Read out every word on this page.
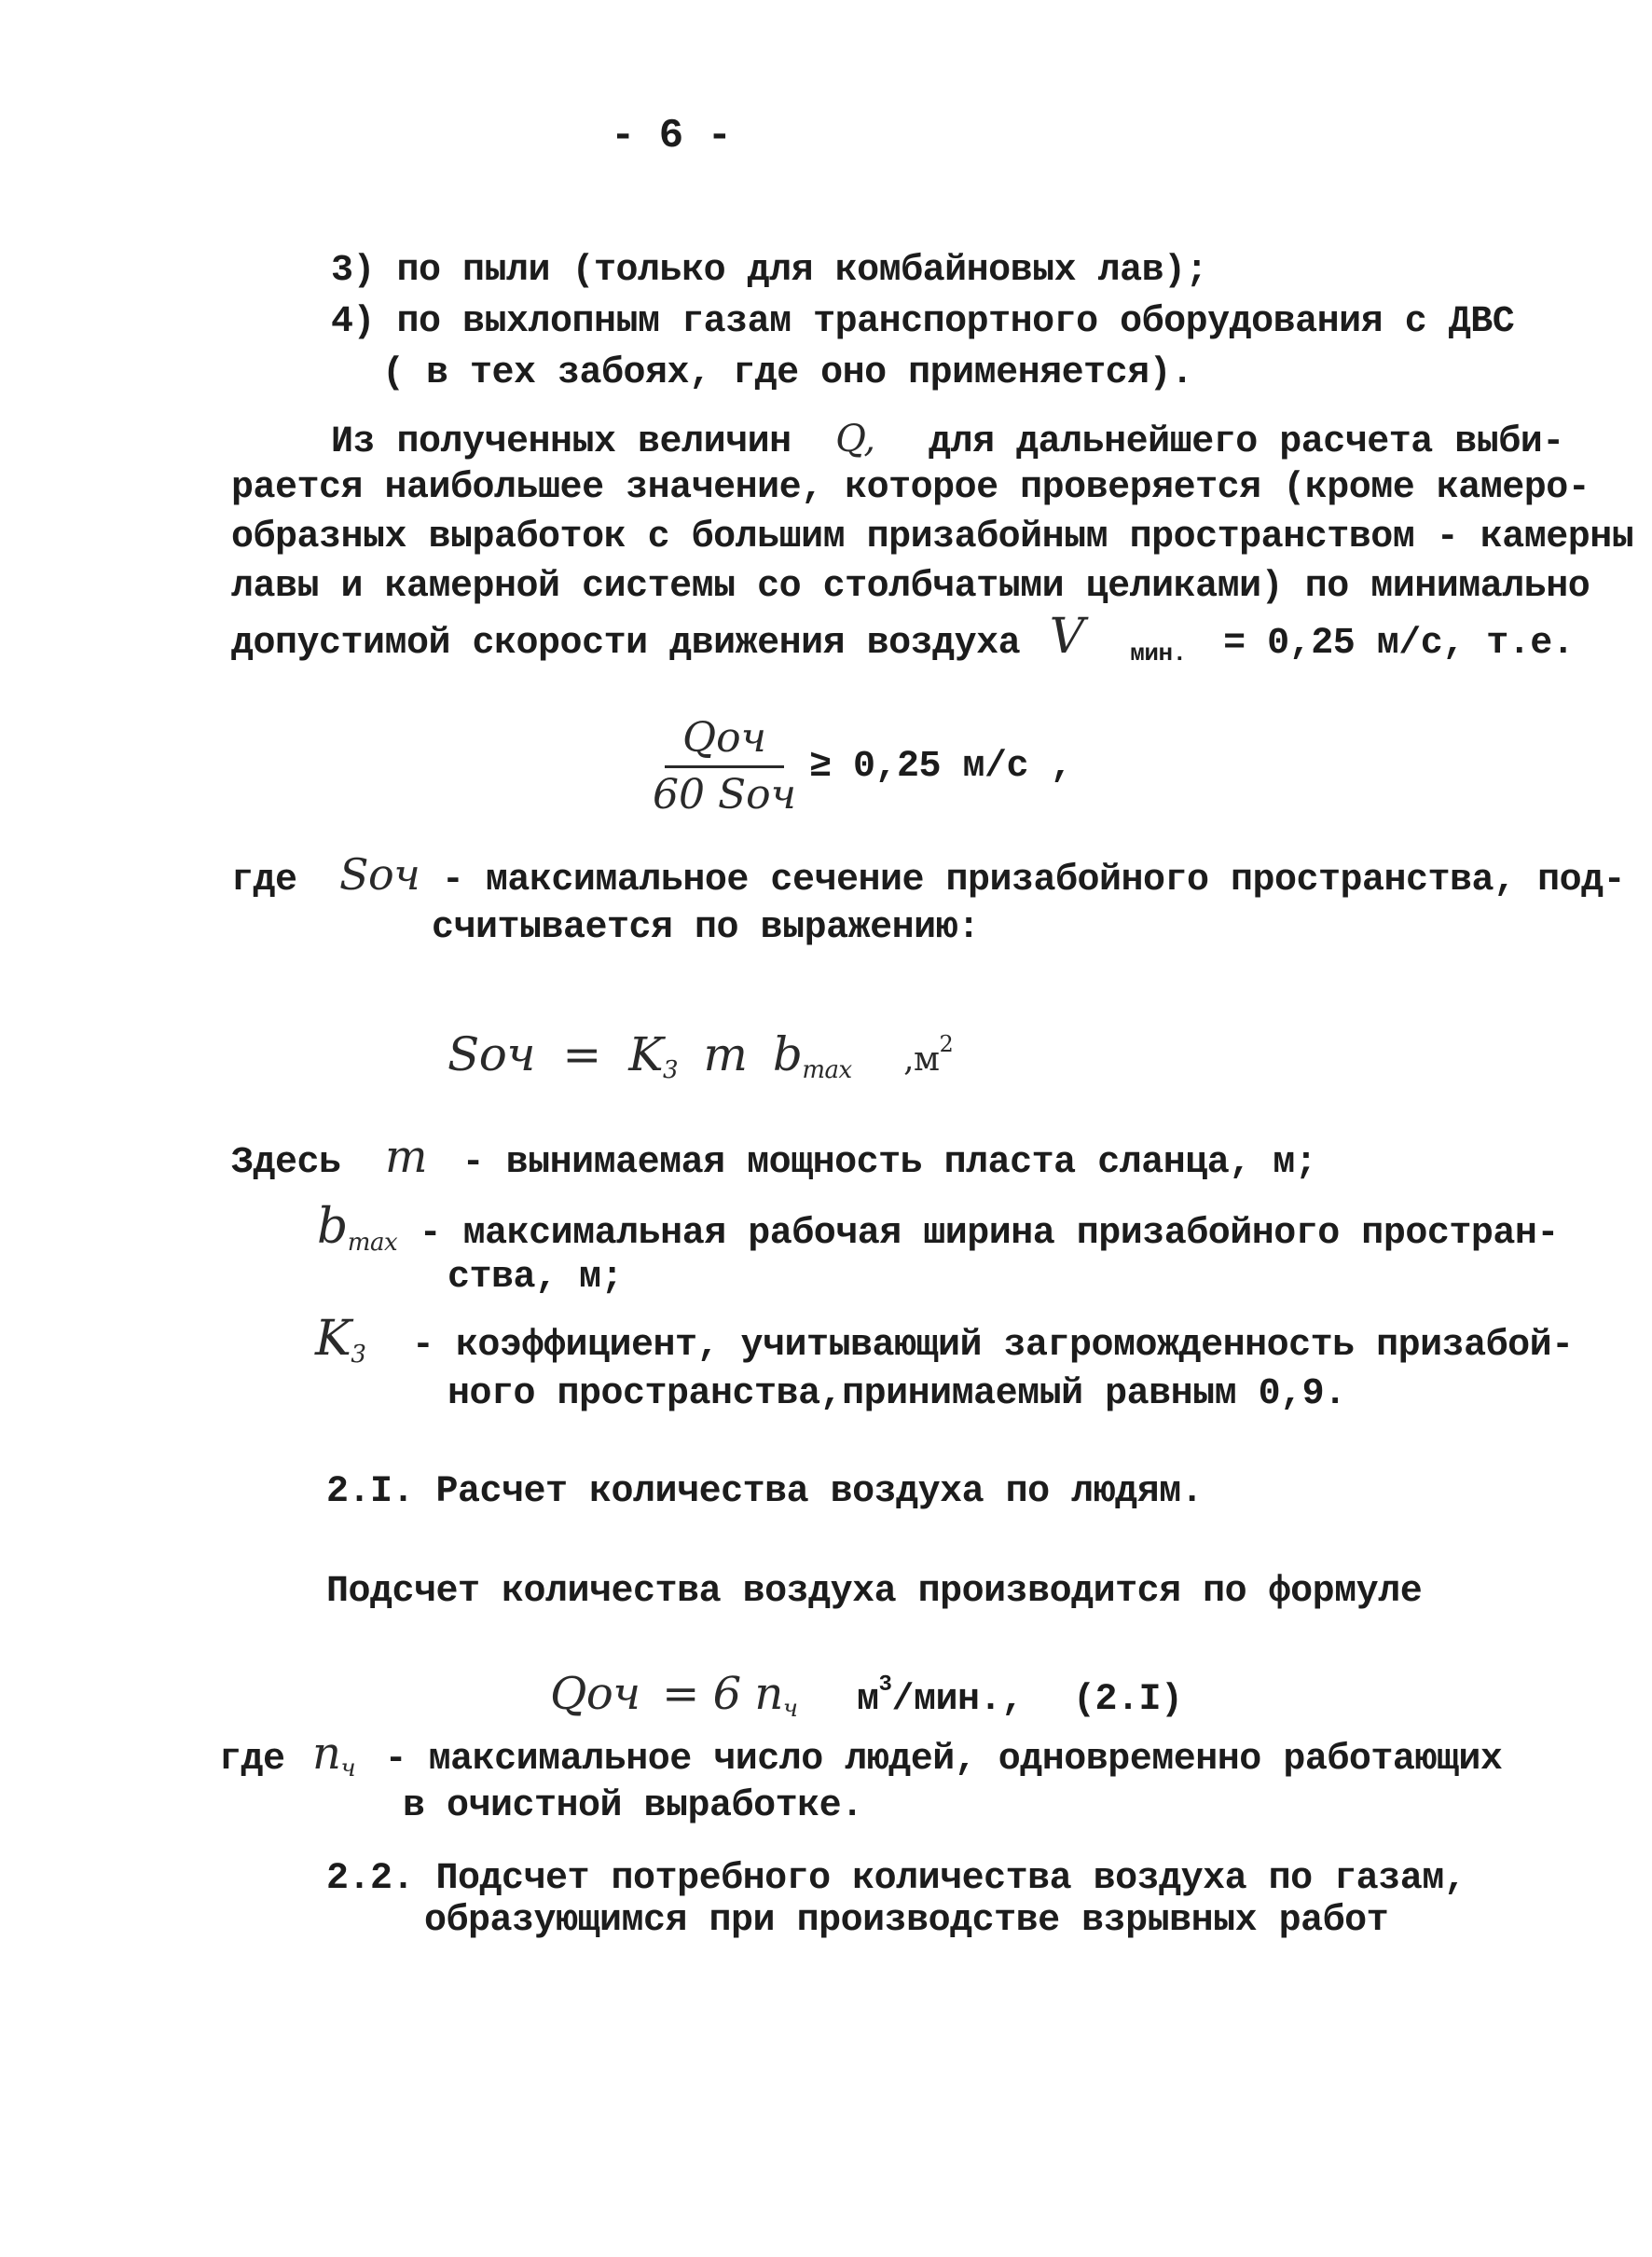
- 6 -
3) по пыли (только для комбайновых лав);
4) по выхлопным газам транспортного оборудования с ДВС
( в тех забоях, где оно применяется).
Из полученных величин Q, для дальнейшего расчета выби-
рается наибольшее значение, которое проверяется (кроме камеро-
образных выработок с большим призабойным пространством - камерны
лавы и камерной системы со столбчатыми целиками) по минимально
допустимой скорости движения воздуха V $_{мин.}$ = 0,25 м/с, т.е.
$\frac{\text{Qоч}}{\text{60 Sоч}} \ge 0,25$ м/с ,
где Sоч - максимальное сечение призабойного пространства, под-
считывается по выражению:
Sоч = $K_3$ m $b_{max}$ $,м^2$
Здесь m - вынимаемая мощность пласта сланца, м;
$b_{max}$ - максимальная рабочая ширина призабойного простран-
ства, м;
$K_3$ - коэффициент, учитывающий загроможденность призабой-
ного пространства,принимаемый равным 0,9.
2.I. Расчет количества воздуха по людям.
Подсчет количества воздуха производится по формуле
Qоч = 6 $n_ч$ $м^3$/мин., (2.I)
где $n_ч$ - максимальное число людей, одновременно работающих
в очистной выработке.
2.2. Подсчет потребного количества воздуха по газам,
образующимся при производстве взрывных работ
